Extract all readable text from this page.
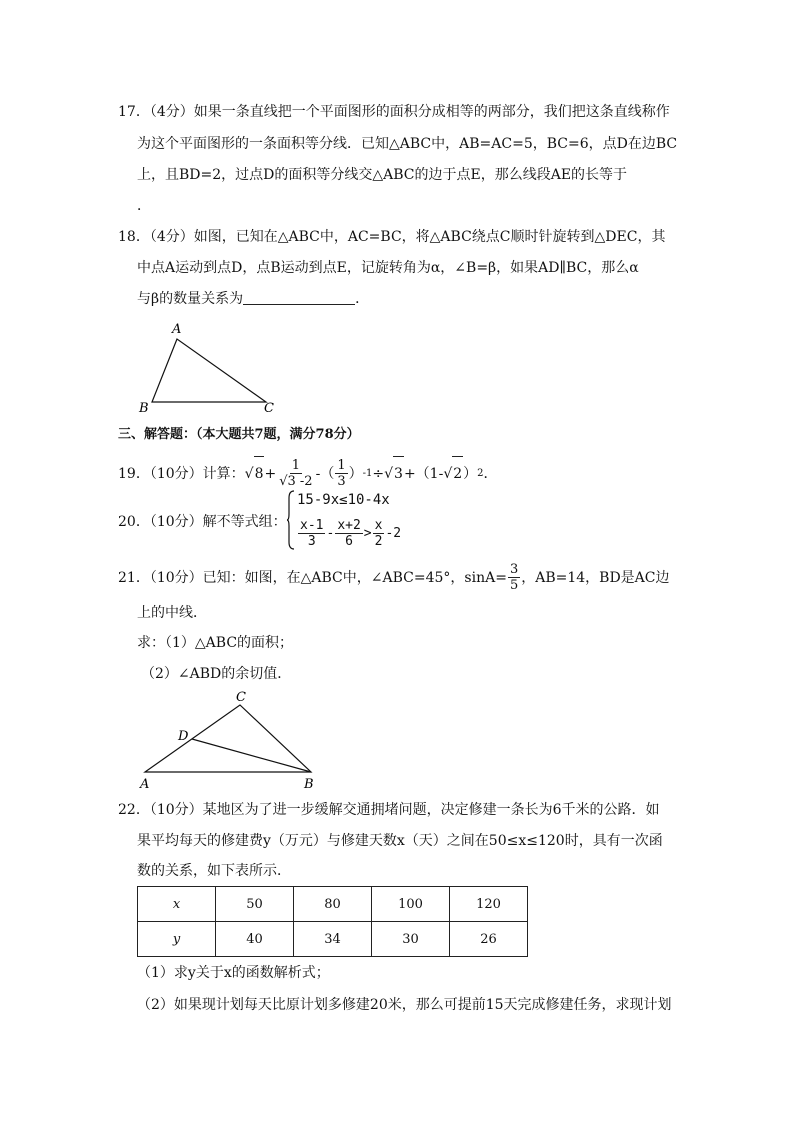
17．（4分）如果一条直线把一个平面图形的面积分成相等的两部分，我们把这条直线称作
为这个平面图形的一条面积等分线．已知△ABC中，AB=AC=5，BC=6，点D在边BC
上，且BD=2，过点D的面积等分线交△ABC的边于点E，那么线段AE的长等于
．
18．（4分）如图，已知在△ABC中，AC=BC，将△ABC绕点C顺时针旋转到△DEC，其
中点A运动到点D，点B运动到点E，记旋转角为α，∠B=β，如果AD∥BC，那么α
与β的数量关系为	．
A
B	C
三、解答题：（本大题共7题，满分78分）
19．（10分）计算： √ $8 + \frac{1}{√3 -2}$ -（ $\frac{1}{3}$ ） -1 ÷ √ 3 +（1- √ 2 ） 2 ．
20．（10分）解不等式组：
15-9x≤10-4x
$\frac{x-1}{3} - \frac{x+2}{6} > \frac{x}{2} -2$
21．（10分）已知：如图，在△ABC中，∠ABC=45°，$\sin A= \frac{3}{5}$ ，AB=14，BD是AC边
上的中线．
求：（1）△ABC的面积；
（2）∠ABD的余切值．
C
D
A	B
22．（10分）某地区为了进一步缓解交通拥堵问题，决定修建一条长为6千米的公路．如
果平均每天的修建费y（万元）与修建天数x（天）之间在50≤x≤120时，具有一次函
数的关系，如下表所示．
x	50	80	100	120
y	40	34	30	26
（1）求y关于x的函数解析式；
（2）如果现计划每天比原计划多修建20米，那么可提前15天完成修建任务，求现计划
